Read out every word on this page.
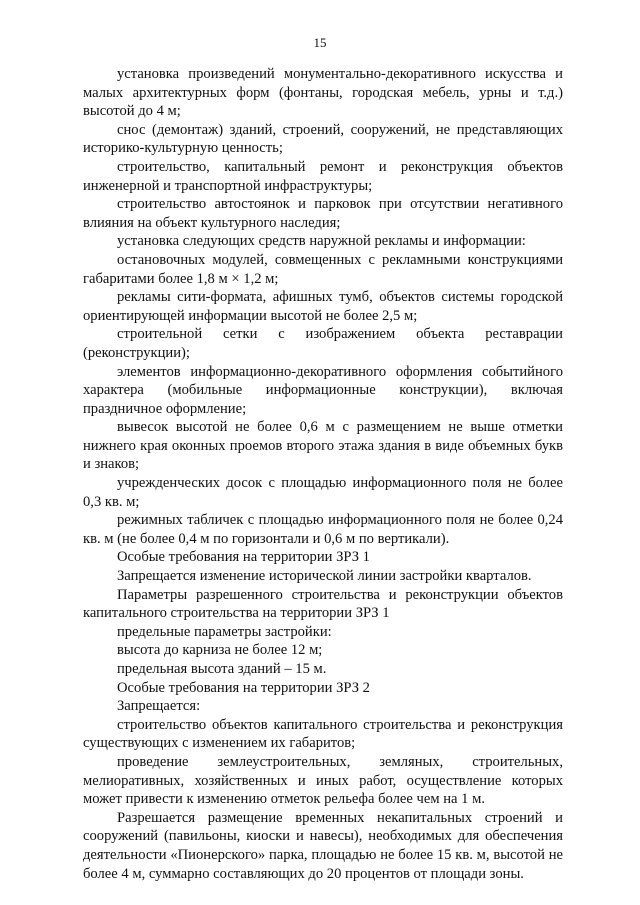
15

установка произведений монументально-декоративного искусства и малых архитектурных форм (фонтаны, городская мебель, урны и т.д.) высотой до 4 м;

снос (демонтаж) зданий, строений, сооружений, не представляющих историко-культурную ценность;

строительство, капитальный ремонт и реконструкция объектов инженерной и транспортной инфраструктуры;

строительство автостоянок и парковок при отсутствии негативного влияния на объект культурного наследия;

установка следующих средств наружной рекламы и информации:

остановочных модулей, совмещенных с рекламными конструкциями габаритами более 1,8 м × 1,2 м;

рекламы сити-формата, афишных тумб, объектов системы городской ориентирующей информации высотой не более 2,5 м;

строительной сетки с изображением объекта реставрации (реконструкции);

элементов информационно-декоративного оформления событийного характера (мобильные информационные конструкции), включая праздничное оформление;

вывесок высотой не более 0,6 м с размещением не выше отметки нижнего края оконных проемов второго этажа здания в виде объемных букв и знаков;

учрежденческих досок с площадью информационного поля не более 0,3 кв. м;

режимных табличек с площадью информационного поля не более 0,24 кв. м (не более 0,4 м по горизонтали и 0,6 м по вертикали).

Особые требования на территории ЗРЗ 1

Запрещается изменение исторической линии застройки кварталов.

Параметры разрешенного строительства и реконструкции объектов капитального строительства на территории ЗРЗ 1

предельные параметры застройки:

высота до карниза не более 12 м;

предельная высота зданий – 15 м.

Особые требования на территории ЗРЗ 2

Запрещается:

строительство объектов капитального строительства и реконструкция существующих с изменением их габаритов;

проведение землеустроительных, земляных, строительных, мелиоративных, хозяйственных и иных работ, осуществление которых может привести к изменению отметок рельефа более чем на 1 м.

Разрешается размещение временных некапитальных строений и сооружений (павильоны, киоски и навесы), необходимых для обеспечения деятельности «Пионерского» парка, площадью не более 15 кв. м, высотой не более 4 м, суммарно составляющих до 20 процентов от площади зоны.
